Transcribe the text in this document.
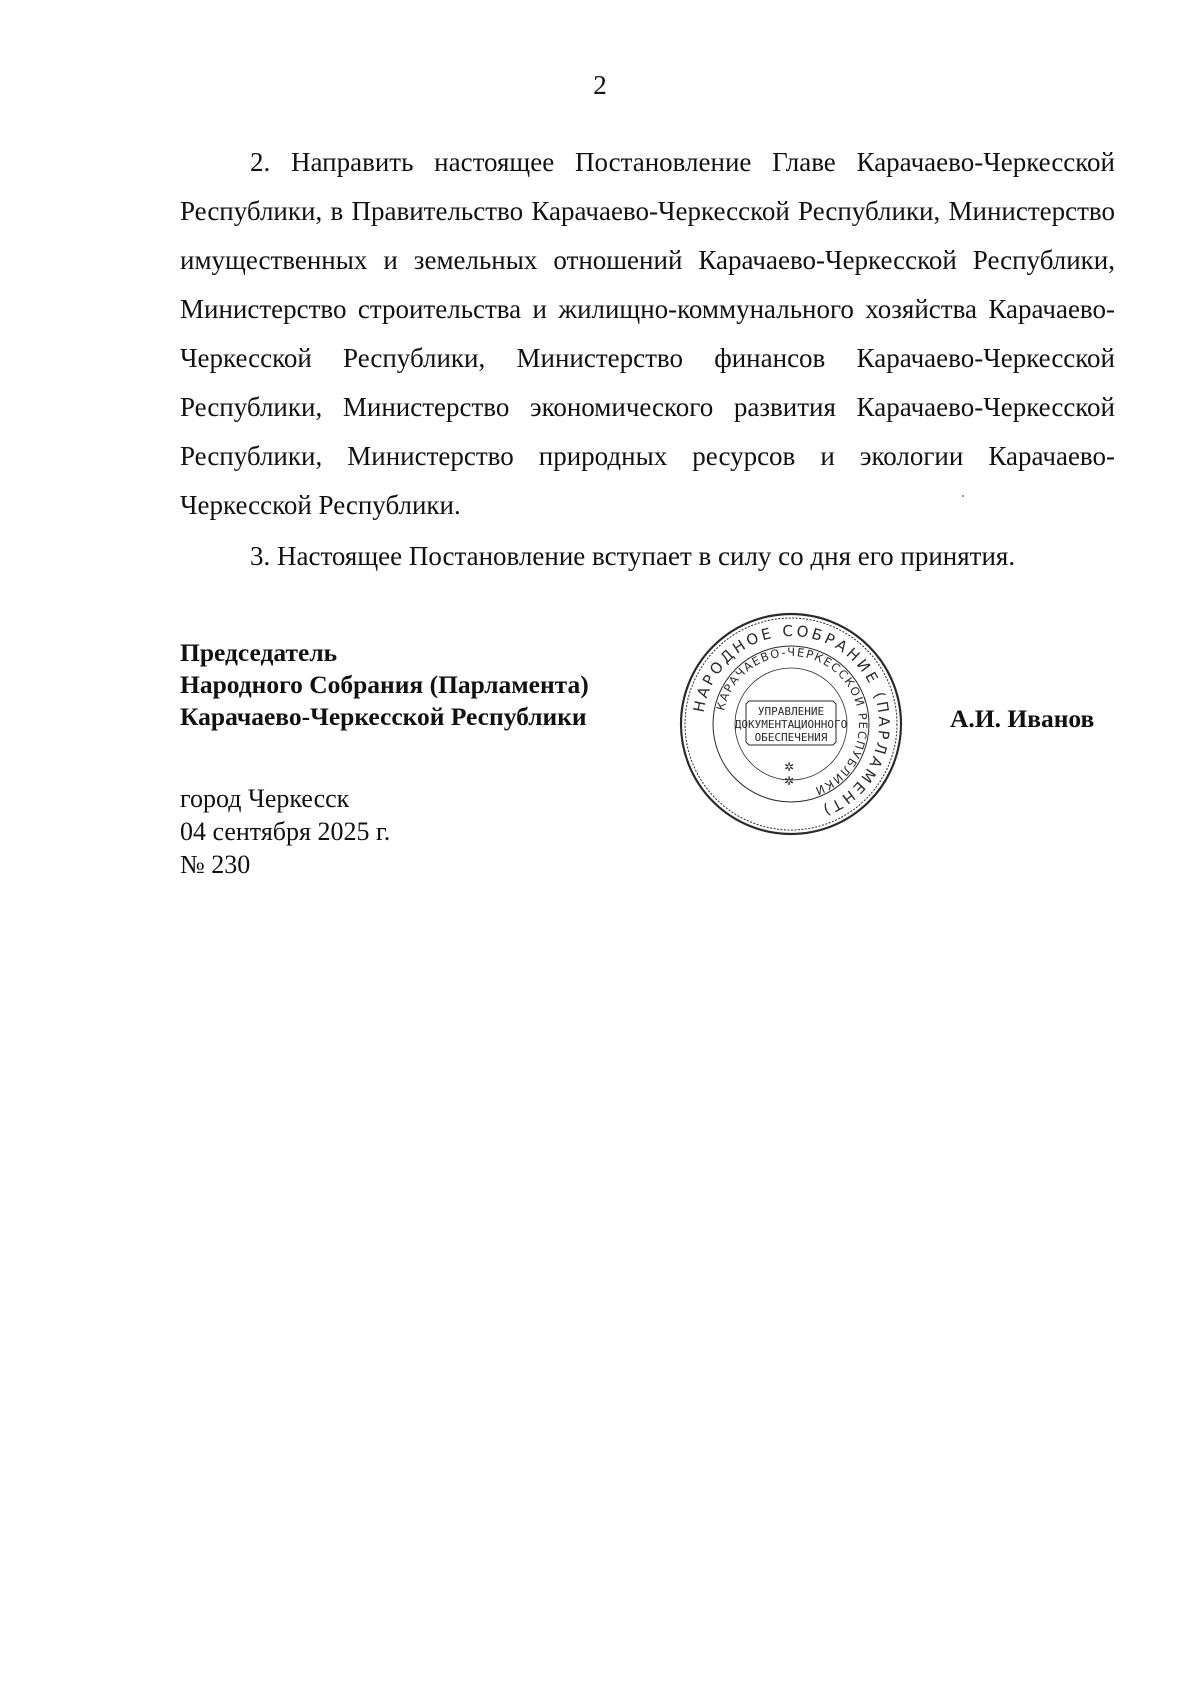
2
2. Направить настоящее Постановление Главе Карачаево-Черкесской Республики, в Правительство Карачаево-Черкесской Республики, Министерство имущественных и земельных отношений Карачаево-Черкесской Республики, Министерство строительства и жилищно-коммунального хозяйства Карачаево-Черкесской Республики, Министерство финансов Карачаево-Черкесской Республики, Министерство экономического развития Карачаево-Черкесской Республики, Министерство природных ресурсов и экологии Карачаево-Черкесской Республики.
3. Настоящее Постановление вступает в силу со дня его принятия.
Председатель
Народного Собрания (Парламента)
Карачаево-Черкесской Республики	НАРОДНОЕ СОБРАНИЕ (ПАРЛАМЕНТ)
КАРАЧАЕВО-ЧЕРКЕССКОЙ РЕСПУБЛИКИ
УПРАВЛЕНИЕ
ДОКУМЕНТАЦИОННОГО
ОБЕСПЕЧЕНИЯ
✲
✲
А.И. Иванов
город Черкесск
04 сентября 2025 г.
№ 230
